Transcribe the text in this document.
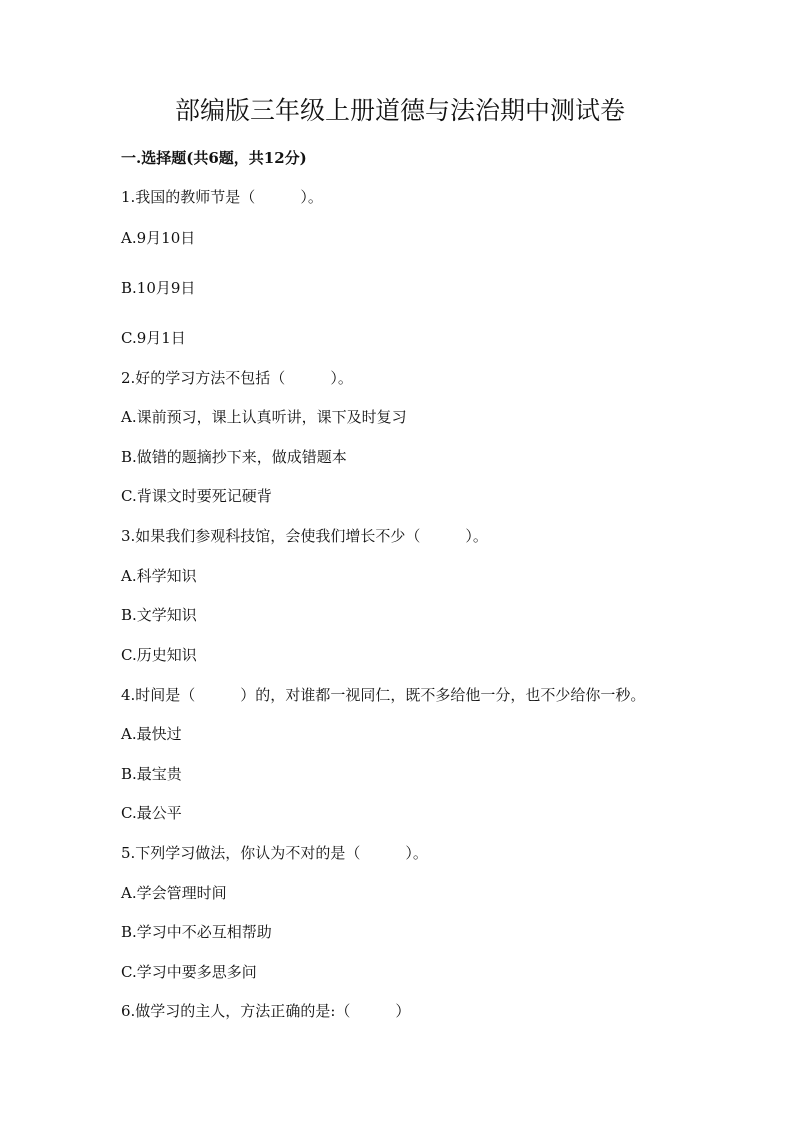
部编版三年级上册道德与法治期中测试卷
一.选择题(共6题，共12分)
1.我国的教师节是（　　　）。
A.9月10日
B.10月9日
C.9月1日
2.好的学习方法不包括（　　　）。
A.课前预习，课上认真听讲，课下及时复习
B.做错的题摘抄下来，做成错题本
C.背课文时要死记硬背
3.如果我们参观科技馆，会使我们增长不少（　　　）。
A.科学知识
B.文学知识
C.历史知识
4.时间是（　　　）的，对谁都一视同仁，既不多给他一分，也不少给你一秒。
A.最快过
B.最宝贵
C.最公平
5.下列学习做法，你认为不对的是（　　　）。
A.学会管理时间
B.学习中不必互相帮助
C.学习中要多思多问
6.做学习的主人，方法正确的是:（　　　）
